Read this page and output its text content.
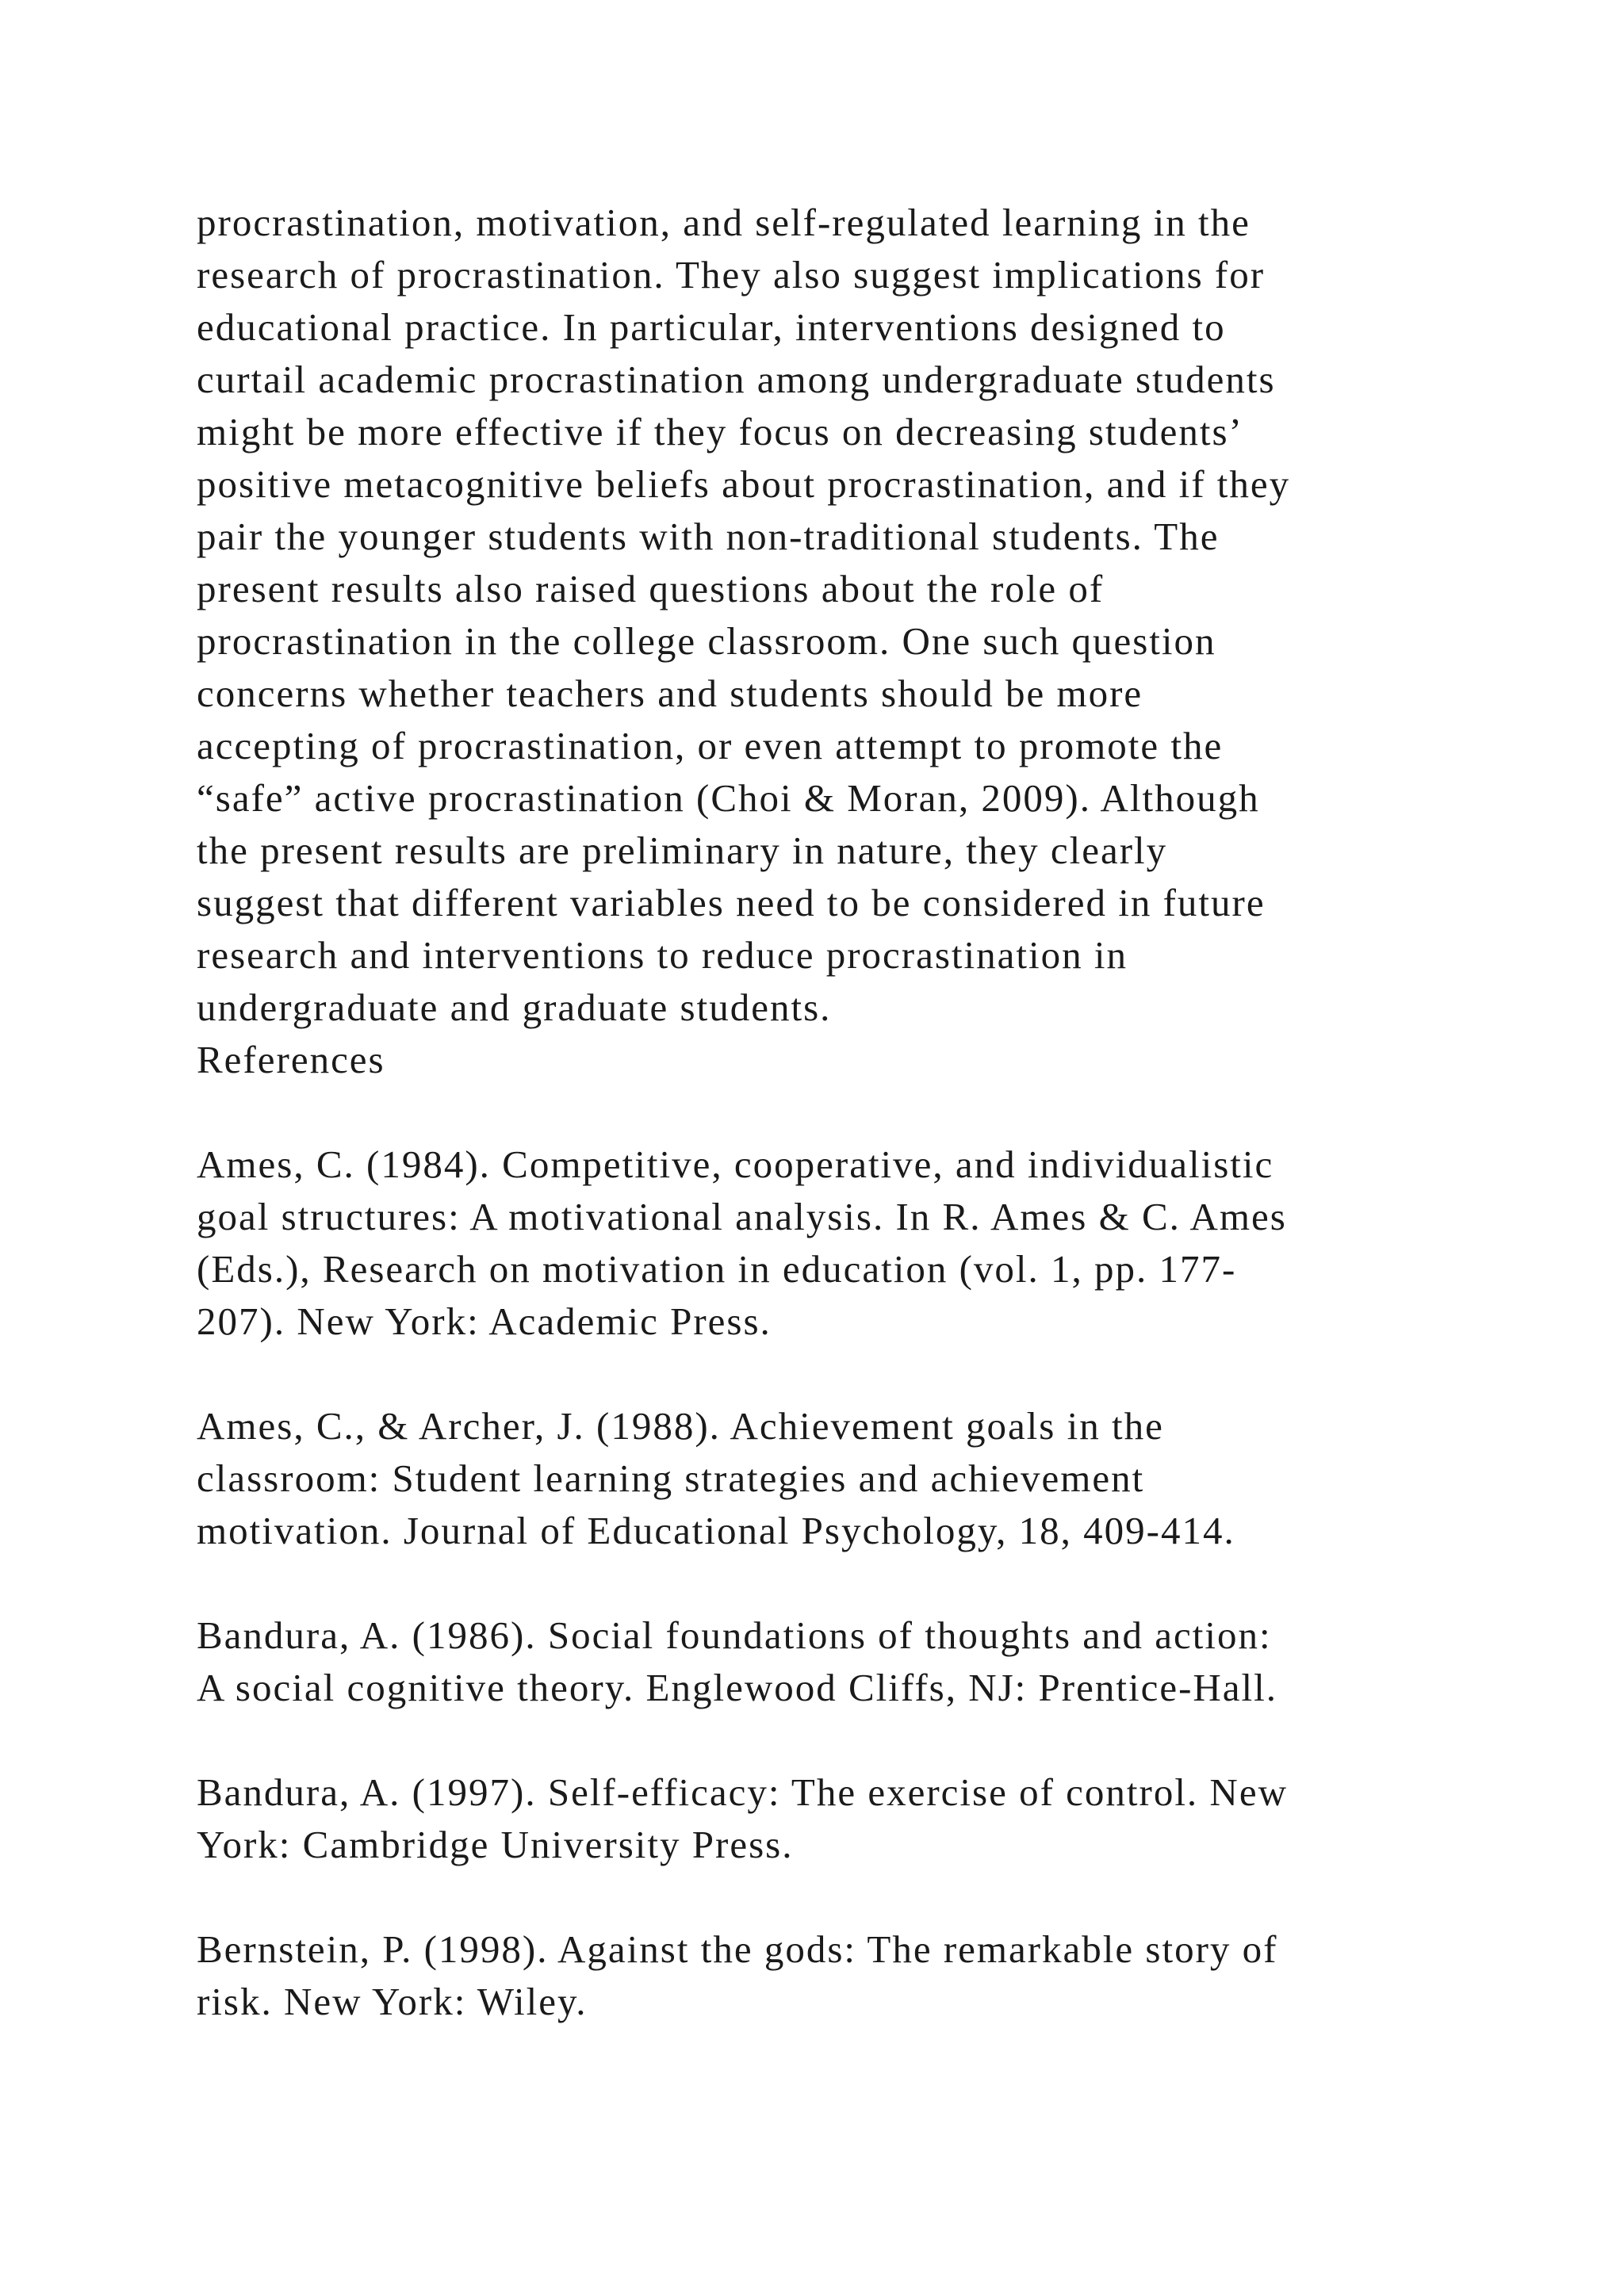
procrastination, motivation, and self-regulated learning in the
research of procrastination. They also suggest implications for
educational practice. In particular, interventions designed to
curtail academic procrastination among undergraduate students
might be more effective if they focus on decreasing students’
positive metacognitive beliefs about procrastination, and if they
pair the younger students with non-traditional students. The
present results also raised questions about the role of
procrastination in the college classroom. One such question
concerns whether teachers and students should be more
accepting of procrastination, or even attempt to promote the
“safe” active procrastination (Choi & Moran, 2009). Although
the present results are preliminary in nature, they clearly
suggest that different variables need to be considered in future
research and interventions to reduce procrastination in
undergraduate and graduate students.
References
Ames, C. (1984). Competitive, cooperative, and individualistic
goal structures: A motivational analysis. In R. Ames & C. Ames
(Eds.), Research on motivation in education (vol. 1, pp. 177-
207). New York: Academic Press.
Ames, C., & Archer, J. (1988). Achievement goals in the
classroom: Student learning strategies and achievement
motivation. Journal of Educational Psychology, 18, 409-414.
Bandura, A. (1986). Social foundations of thoughts and action:
A social cognitive theory. Englewood Cliffs, NJ: Prentice-Hall.
Bandura, A. (1997). Self-efficacy: The exercise of control. New
York: Cambridge University Press.
Bernstein, P. (1998). Against the gods: The remarkable story of
risk. New York: Wiley.
